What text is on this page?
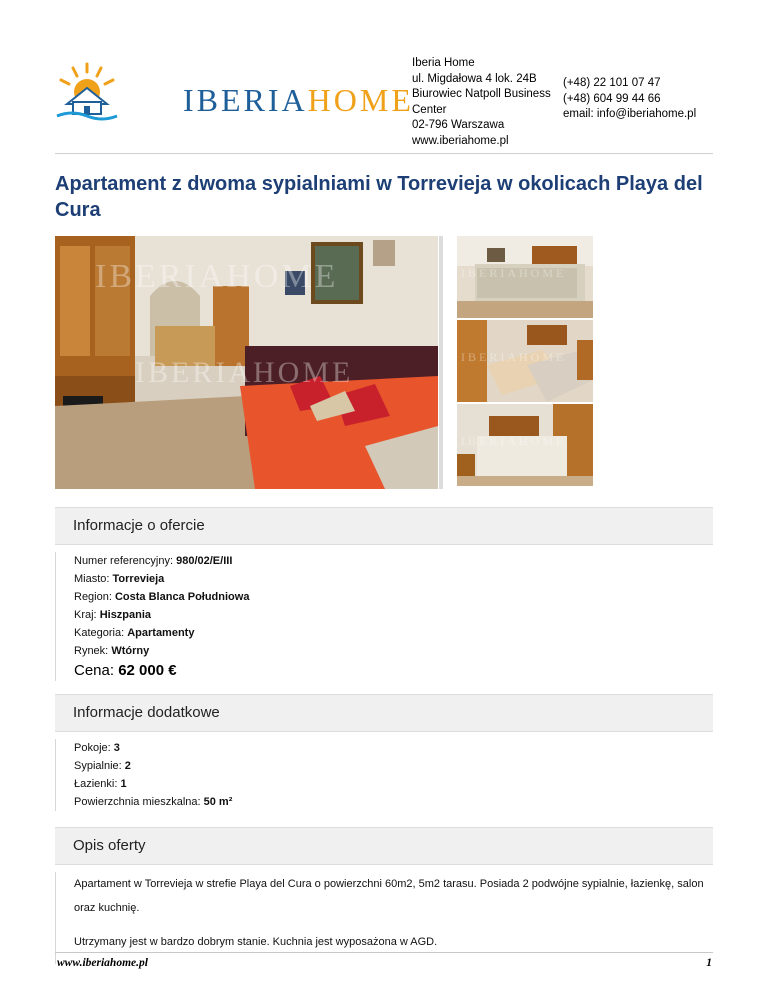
IBERIAHOME
Iberia Home
ul. Migdałowa 4 lok. 24B
Biurowiec Natpoll Business Center
02-796 Warszawa
www.iberiahome.pl
(+48) 22 101 07 47
(+48) 604 99 44 66
email: info@iberiahome.pl
Apartament z dwoma sypialniami w Torrevieja w okolicach Playa del Cura
IBERIAHOME
IBERIAHOME
IBERIAHOME
IBERIAHOME
IBERIAHOME
Informacje o ofercie
Numer referencyjny: 980/02/E/III
Miasto: Torrevieja
Region: Costa Blanca Południowa
Kraj: Hiszpania
Kategoria: Apartamenty
Rynek: Wtórny
Cena: 62 000 €
Informacje dodatkowe
Pokoje: 3
Sypialnie: 2
Łazienki: 1
Powierzchnia mieszkalna: 50 m²
Opis oferty

Apartament w Torrevieja w strefie Playa del Cura o powierzchni 60m2, 5m2 tarasu. Posiada 2 podwójne sypialnie, łazienkę, salon oraz kuchnię.

Utrzymany jest w bardzo dobrym stanie. Kuchnia jest wyposażona w AGD.

www.iberiahome.pl	1
